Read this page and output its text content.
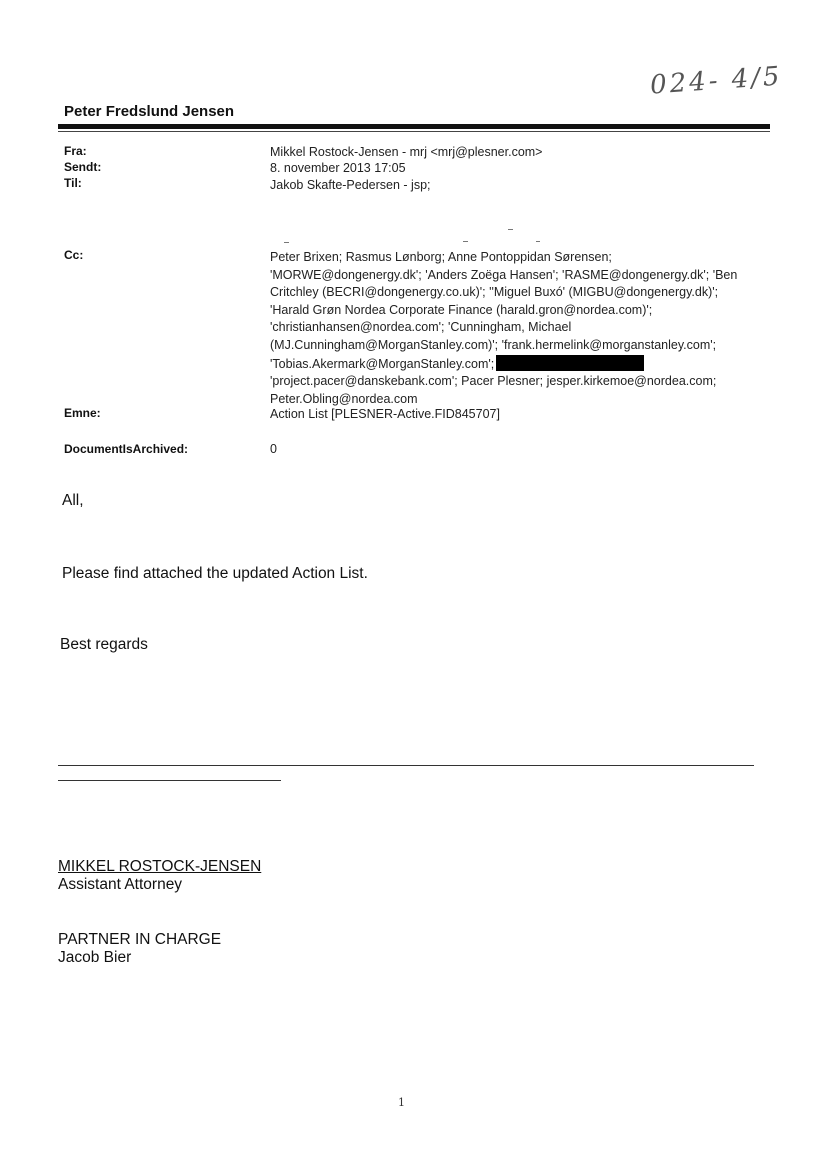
024- 4/5
Peter Fredslund Jensen
Fra:	Mikkel Rostock-Jensen - mrj <mrj@plesner.com>
Sendt:	8. november 2013 17:05
Til:	Jakob Skafte-Pedersen - jsp;
Cc:	Peter Brixen; Rasmus Lønborg; Anne Pontoppidan Sørensen;
'MORWE@dongenergy.dk'; 'Anders Zoëga Hansen'; 'RASME@dongenergy.dk'; 'Ben
Critchley (BECRI@dongenergy.co.uk)'; ''Miguel Buxó' (MIGBU@dongenergy.dk)';
'Harald Grøn Nordea Corporate Finance (harald.gron@nordea.com)';
'christianhansen@nordea.com'; 'Cunningham, Michael
(MJ.Cunningham@MorganStanley.com)'; 'frank.hermelink@morganstanley.com';
'Tobias.Akermark@MorganStanley.com';
'project.pacer@danskebank.com'; Pacer Plesner; jesper.kirkemoe@nordea.com;
Peter.Obling@nordea.com
Emne:	Action List [PLESNER-Active.FID845707]
DocumentIsArchived:	0
All,
Please find attached the updated Action List.
Best regards
MIKKEL ROSTOCK-JENSEN
Assistant Attorney
PARTNER IN CHARGE
Jacob Bier
1
